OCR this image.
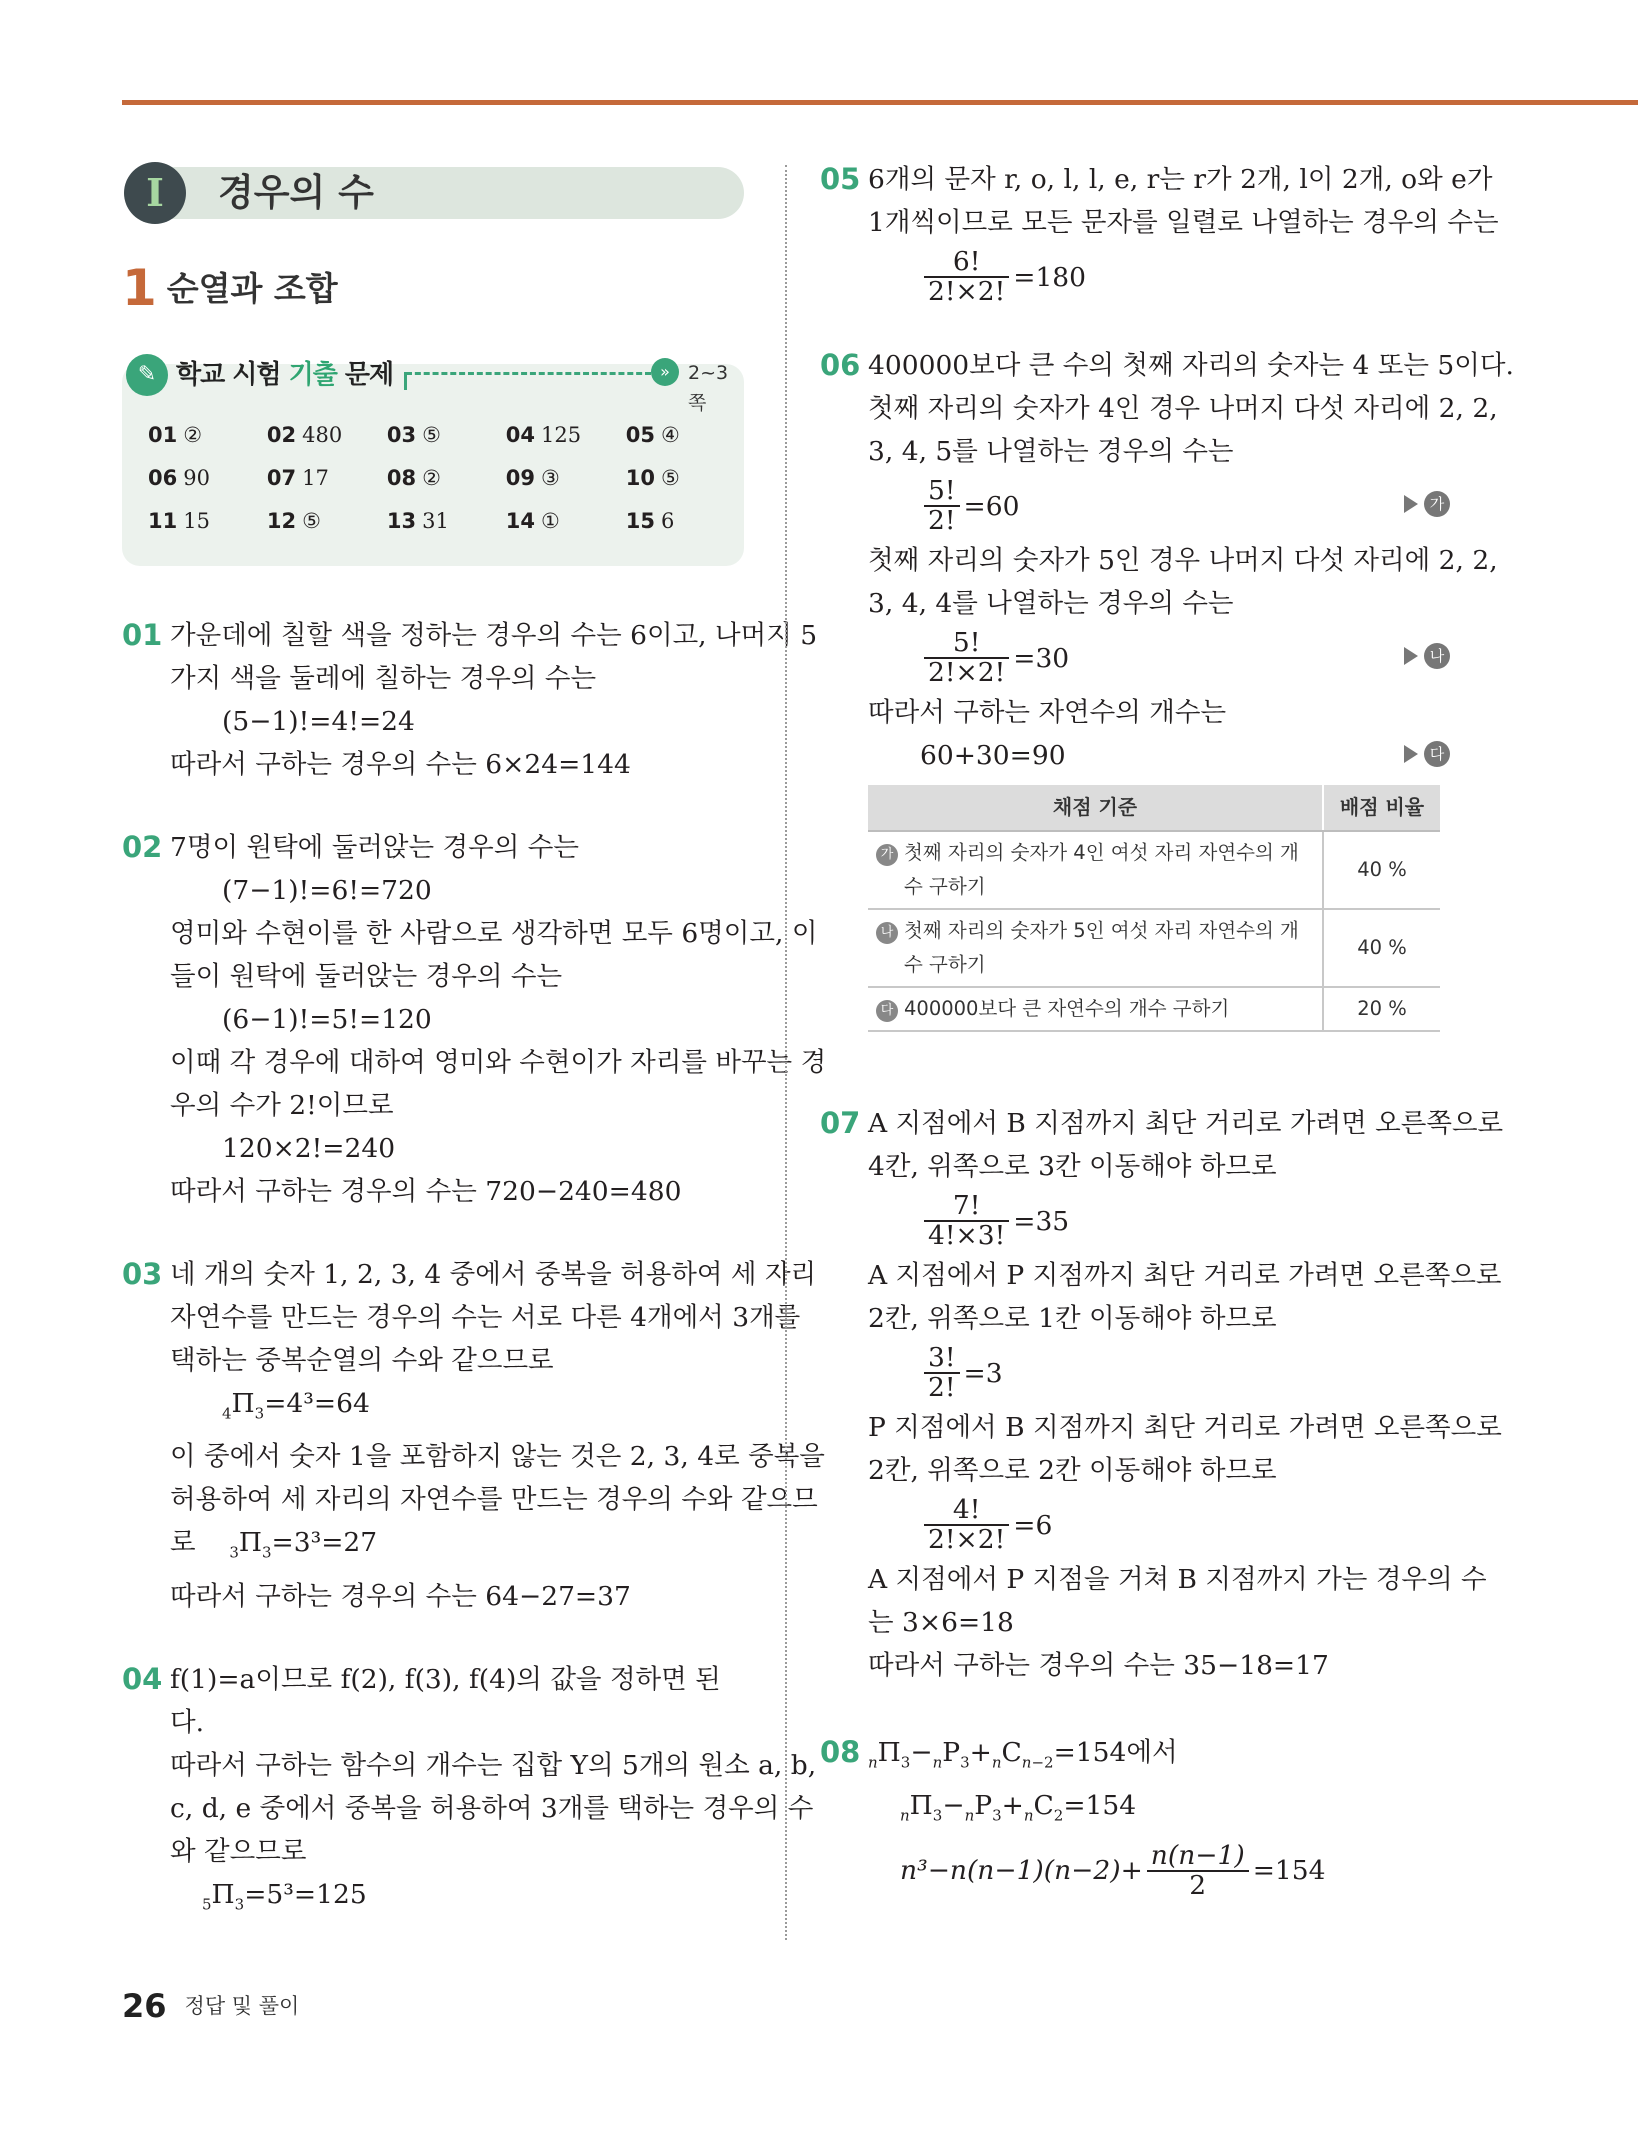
I	경우의 수
1 순열과 조합
✎ 학교 시험 기출 문제	» 2~3쪽
01 ②	02 480	03 ⑤	04 125	05 ④
06 90	07 17	08 ②	09 ③	10 ⑤
11 15	12 ⑤	13 31	14 ①	15 6
01 가운데에 칠할 색을 정하는 경우의 수는 6이고, 나머지 5
가지 색을 둘레에 칠하는 경우의 수는
(5−1)!=4!=24
따라서 구하는 경우의 수는 6×24=144
02 7명이 원탁에 둘러앉는 경우의 수는
(7−1)!=6!=720
영미와 수현이를 한 사람으로 생각하면 모두 6명이고, 이
들이 원탁에 둘러앉는 경우의 수는
(6−1)!=5!=120
이때 각 경우에 대하여 영미와 수현이가 자리를 바꾸는 경
우의 수가 2!이므로
120×2!=240
따라서 구하는 경우의 수는 720−240=480
03 네 개의 숫자 1, 2, 3, 4 중에서 중복을 허용하여 세 자리
자연수를 만드는 경우의 수는 서로 다른 4개에서 3개를
택하는 중복순열의 수와 같으므로
$_4\Pi_3=4^3=64$
이 중에서 숫자 1을 포함하지 않는 것은 2, 3, 4로 중복을
허용하여 세 자리의 자연수를 만드는 경우의 수와 같으므
로 $_3\Pi_3=3^3=27$
따라서 구하는 경우의 수는 64−27=37
04 f(1)=a이므로 f(2), f(3), f(4)의 값을 정하면 된
다.
따라서 구하는 함수의 개수는 집합 Y의 5개의 원소 a, b,
c, d, e 중에서 중복을 허용하여 3개를 택하는 경우의 수
와 같으므로
$_5\Pi_3=5^3=125$
05 6개의 문자 r, o, l, l, e, r는 r가 2개, l이 2개, o와 e가
1개씩이므로 모든 문자를 일렬로 나열하는 경우의 수는
$\frac{6!}{2!\times 2!} =180$
06 400000보다 큰 수의 첫째 자리의 숫자는 4 또는 5이다.
첫째 자리의 숫자가 4인 경우 나머지 다섯 자리에 2, 2,
3, 4, 5를 나열하는 경우의 수는
$\frac{5!}{2!} =60$	가
첫째 자리의 숫자가 5인 경우 나머지 다섯 자리에 2, 2,
3, 4, 4를 나열하는 경우의 수는
$\frac{5!}{2!\times 2!} =30$	나
따라서 구하는 자연수의 개수는
60+30=90	다
채점 기준	배점 비율
가 첫째 자리의 숫자가 4인 여섯 자리 자연수의 개
수 구하기	40 %
나 첫째 자리의 숫자가 5인 여섯 자리 자연수의 개
수 구하기	40 %
다 400000보다 큰 자연수의 개수 구하기	20 %
07 A 지점에서 B 지점까지 최단 거리로 가려면 오른쪽으로
4칸, 위쪽으로 3칸 이동해야 하므로
$\frac{7!}{4!\times 3!} =35$
A 지점에서 P 지점까지 최단 거리로 가려면 오른쪽으로
2칸, 위쪽으로 1칸 이동해야 하므로
$\frac{3!}{2!} =3$
P 지점에서 B 지점까지 최단 거리로 가려면 오른쪽으로
2칸, 위쪽으로 2칸 이동해야 하므로
$\frac{4!}{2!\times 2!} =6$
A 지점에서 P 지점을 거쳐 B 지점까지 가는 경우의 수
는 3×6=18
따라서 구하는 경우의 수는 35−18=17
08 $_n\Pi_3-_nP_3+_nC_{n-2}=154$에서
$_n\Pi_3-_nP_3+_nC_2=154$
$n^3-n(n-1)(n-2)+ \frac{n(n-1)}{2} =154$
26 정답 및 풀이
